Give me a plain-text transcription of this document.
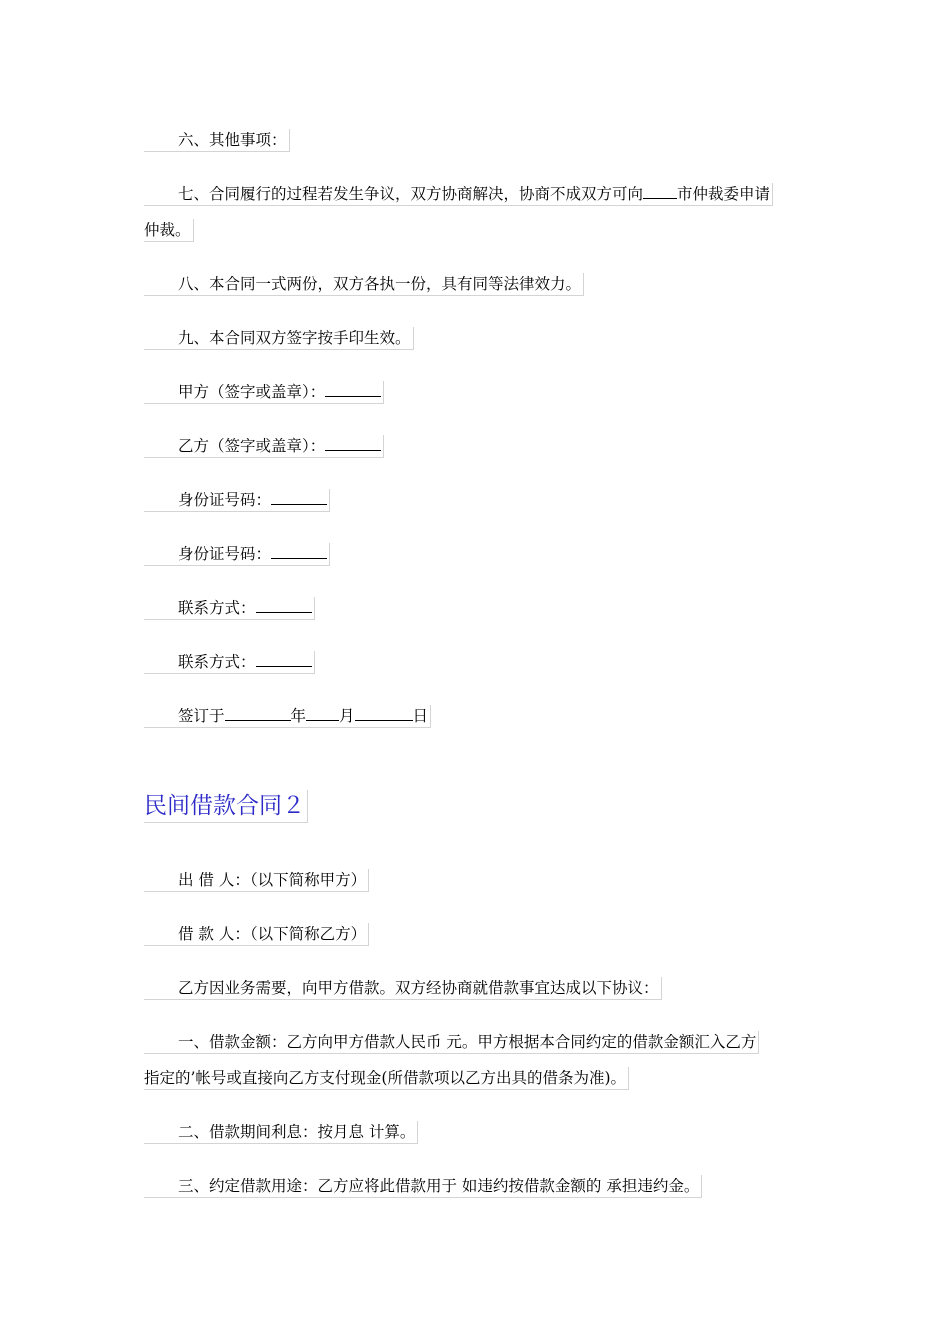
六、其他事项：
七、合同履行的过程若发生争议，双方协商解决，协商不成双方可向 市仲裁委申请
仲裁。
八、本合同一式两份，双方各执一份，具有同等法律效力。
九、本合同双方签字按手印生效。
甲方（签字或盖章）：
乙方（签字或盖章）：
身份证号码：
身份证号码：
联系方式：
联系方式：
签订于	年 月	日
民间借款合同２
出 借 人：（以下简称甲方）
借 款 人：（以下简称乙方）
乙方因业务需要，向甲方借款。双方经协商就借款事宜达成以下协议：
一、借款金额：乙方向甲方借款人民币 元。甲方根据本合同约定的借款金额汇入乙方
指定的’帐号或直接向乙方支付现金(所借款项以乙方出具的借条为准)。
二、借款期间利息：按月息 计算。
三、约定借款用途：乙方应将此借款用于 如违约按借款金额的 承担违约金。
